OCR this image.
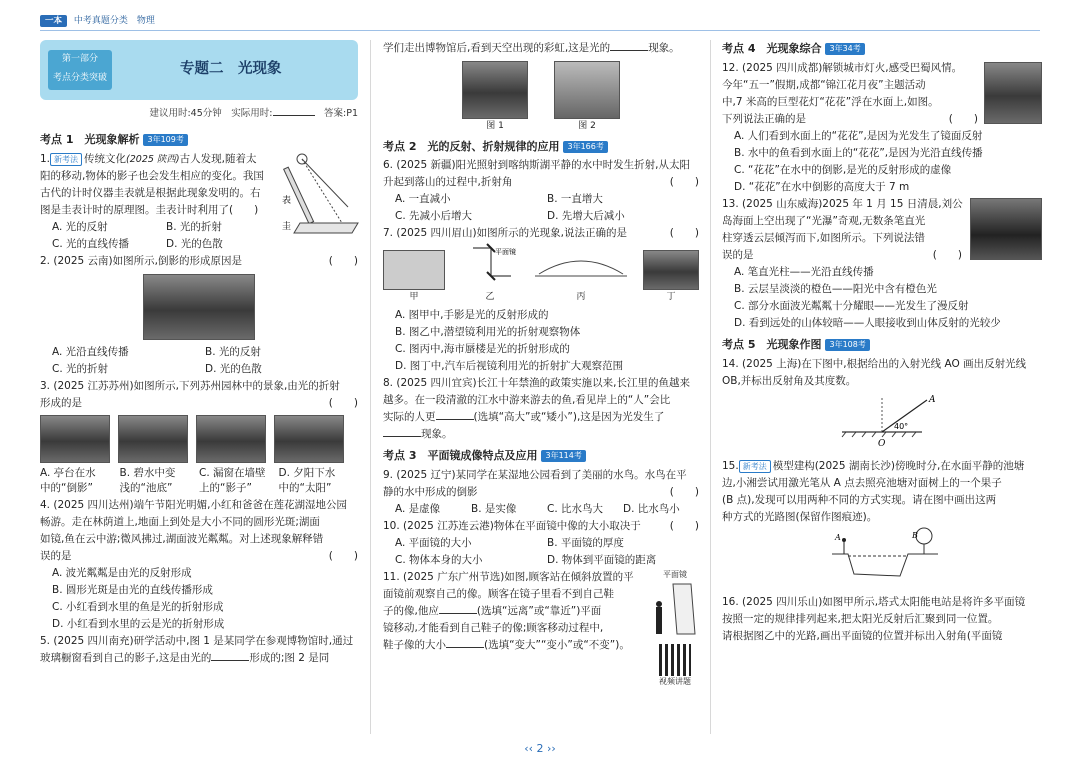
一本 中考真题分类　物理
第一部分
考点分类突破
专题二　光现象
建议用时:45分钟　 实际用时:　	答案:P1
考点 1　光现象解析 3年109考
表
圭

1. 新考法 传统文化(2025 陕西)古人发现,随着太

阳的移动,物体的影子也会发生相应的变化。我国

古代的计时仪器圭表就是根据此现象发明的。右

图是圭表计时的原理图。圭表计时利用了(　　)

A. 光的反射	B. 光的折射
C. 光的直线传播	D. 光的色散

2. (2025 云南)如图所示,倒影的形成原因是	(　　)

A. 光沿直线传播	B. 光的反射
C. 光的折射	D. 光的色散

3. (2025 江苏苏州)如图所示,下列苏州园林中的景象,由光的折射

形成的是	(　　)

A. 亭台在水
中的“倒影”
B. 碧水中变
浅的“池底”
C. 漏窗在墙壁
上的“影子”
D. 夕阳下水
中的“太阳”

4. (2025 四川达州)端午节阳光明媚,小红和爸爸在莲花湖湿地公园

畅游。走在林荫道上,地面上到处是大小不同的圆形光斑;湖面

如镜,鱼在云中游;微风拂过,湖面波光粼粼。对上述现象解释错

误的是	(　　)

A. 波光粼粼是由光的反射形成

B. 圆形光斑是由光的直线传播形成

C. 小红看到水里的鱼是光的折射形成

D. 小红看到水里的云是光的折射形成

5. (2025 四川南充)研学活动中,图 1 是某同学在参观博物馆时,通过

玻璃橱窗看到自己的影子,这是由光的	形成的;图 2 是同

学们走出博物馆后,看到天空出现的彩虹,这是光的	现象。

图 1	图 2
考点 2　光的反射、折射规律的应用 3年166考

6. (2025 新疆)阳光照射到喀纳斯湖平静的水中时发生折射,从太阳

升起到落山的过程中,折射角	(　　)

A. 一直减小	B. 一直增大
C. 先减小后增大	D. 先增大后减小

7. (2025 四川眉山)如图所示的光现象,说法正确的是	(　　)

甲
平面镜
乙	丙	丁

A. 图甲中,手影是光的反射形成的

B. 图乙中,潜望镜利用光的折射观察物体

C. 图丙中,海市蜃楼是光的折射形成的

D. 图丁中,汽车后视镜利用光的折射扩大观察范围

8. (2025 四川宜宾)长江十年禁渔的政策实施以来,长江里的鱼越来

越多。在一段清澈的江水中游来游去的鱼,看见岸上的“人”会比

实际的人更	(选填“高大”或“矮小”),这是因为光发生了

现象。

考点 3　平面镜成像特点及应用 3年114考

9. (2025 辽宁)某同学在某湿地公园看到了美丽的水鸟。水鸟在平

静的水中形成的倒影	(　　)

A. 是虚像	B. 是实像	C. 比水鸟大	D. 比水鸟小

10. (2025 江苏连云港)物体在平面镜中像的大小取决于	(　　)

A. 平面镜的大小	B. 平面镜的厚度
C. 物体本身的大小	D. 物体到平面镜的距离
平面镜
视频讲题

11. (2025 广东广州节选)如图,顾客站在倾斜放置的平

面镜前观察自己的像。顾客在镜子里看不到自己鞋

子的像,他应	(选填“远离”或“靠近”)平面

镜移动,才能看到自己鞋子的像;顾客移动过程中,

鞋子像的大小	(选填“变大”“变小”或“不变”)。

考点 4　光现象综合 3年34考

12. (2025 四川成都)解锁城市灯火,感受巴蜀风情。

今年“五一”假期,成都“锦江花月夜”主题活动

中,7 米高的巨型花灯“花花”浮在水面上,如图。

下列说法正确的是	(　　)

A. 人们看到水面上的“花花”,是因为光发生了镜面反射

B. 水中的鱼看到水面上的“花花”,是因为光沿直线传播

C. “花花”在水中的倒影,是光的反射形成的虚像

D. “花花”在水中倒影的高度大于 7 m

13. (2025 山东威海)2025 年 1 月 15 日清晨,刘公

岛海面上空出现了“光瀑”奇观,无数条笔直光

柱穿透云层倾泻而下,如图所示。下列说法错

误的是	(　　)

A. 笔直光柱——光沿直线传播

B. 云层呈淡淡的橙色——阳光中含有橙色光

C. 部分水面波光粼粼十分耀眼——光发生了漫反射

D. 看到远处的山体较暗——人眼接收到山体反射的光较少

考点 5　光现象作图 3年108考

14. (2025 上海)在下图中,根据给出的入射光线 AO 画出反射光线

OB,并标出反射角及其度数。

A
O
40°

15. 新考法 模型建构(2025 湖南长沙)傍晚时分,在水面平静的池塘

边,小湘尝试用激光笔从 A 点去照亮池塘对面树上的一个果子

(B 点),发现可以用两种不同的方式实现。请在图中画出这两

种方式的光路图(保留作图痕迹)。

A	B

16. (2025 四川乐山)如图甲所示,塔式太阳能电站是将许多平面镜

按照一定的规律排列起来,把太阳光反射后汇聚到同一位置。

请根据图乙中的光路,画出平面镜的位置并标出入射角(平面镜

‹‹ 2 ››
